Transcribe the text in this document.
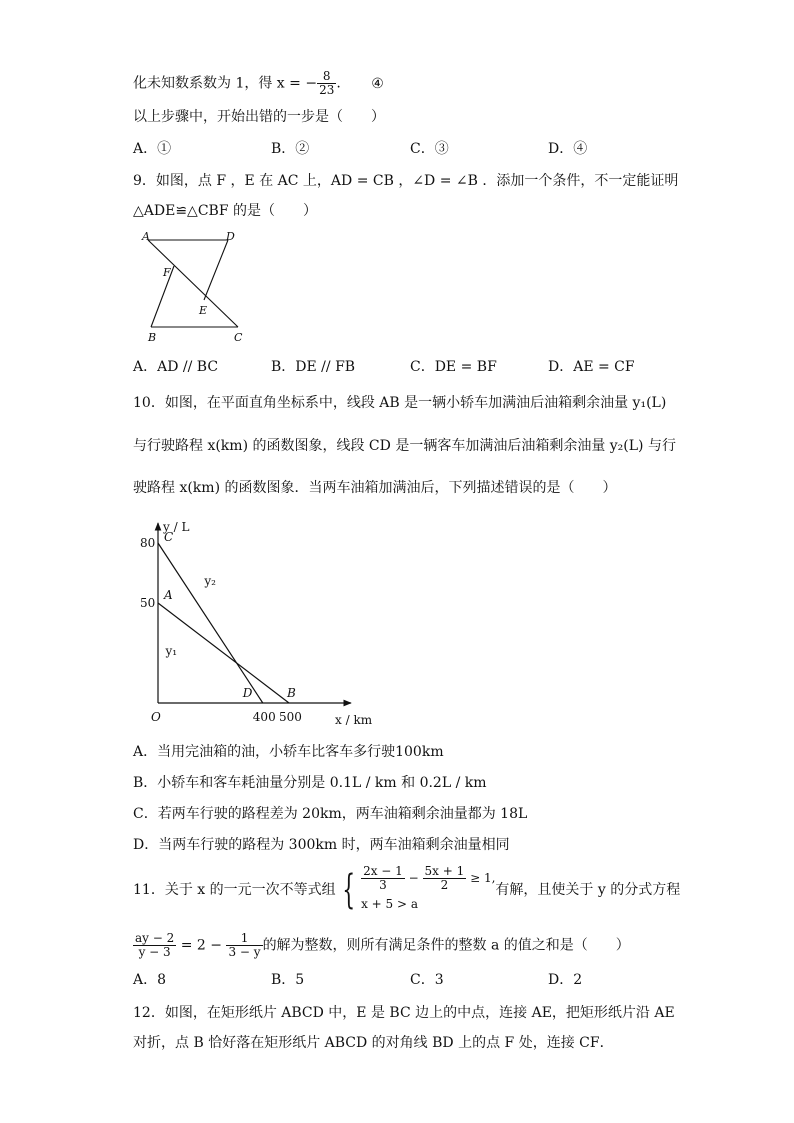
化未知数系数为 1，得 x = − $\frac{8}{23}$ . ④
以上步骤中，开始出错的一步是（　　）
A．①	B．②	C．③	D．④
9．如图，点 F ，E 在 AC 上，AD = CB ，∠D = ∠B ．添加一个条件，不一定能证明
△ADE≌△CBF 的是（　　）
A	D
F
E
B	C
A．AD // BC	B．DE // FB	C．DE = BF	D．AE = CF
10．如图，在平面直角坐标系中，线段 AB 是一辆小轿车加满油后油箱剩余油量 y₁(L)
与行驶路程 x(km) 的函数图象，线段 CD 是一辆客车加满油后油箱剩余油量 y₂(L) 与行
驶路程 x(km) 的函数图象．当两车油箱加满油后，下列描述错误的是（　　）
y / L
x / km
O
50
80
400 500
A
B
y₁
C
D
y₂
A．当用完油箱的油，小轿车比客车多行驶100km
B．小轿车和客车耗油量分别是 0.1L / km 和 0.2L / km
C．若两车行驶的路程差为 20km，两车油箱剩余油量都为 18L
D．当两车行驶的路程为 300km 时，两车油箱剩余油量相同
11．关于 x 的一元一次不等式组 { $\frac{2x - 1}{3} - \frac{5x + 1}{2} \ge 1$,
x + 5 > a
有解，且使关于 y 的分式方程
$\frac{ay - 2}{y - 3} = 2 - \frac{1}{3 - y}$ 的解为整数，则所有满足条件的整数 a 的值之和是（　　）
A．8	B．5	C．3	D．2
12．如图，在矩形纸片 ABCD 中，E 是 BC 边上的中点，连接 AE，把矩形纸片沿 AE
对折，点 B 恰好落在矩形纸片 ABCD 的对角线 BD 上的点 F 处，连接 CF．
